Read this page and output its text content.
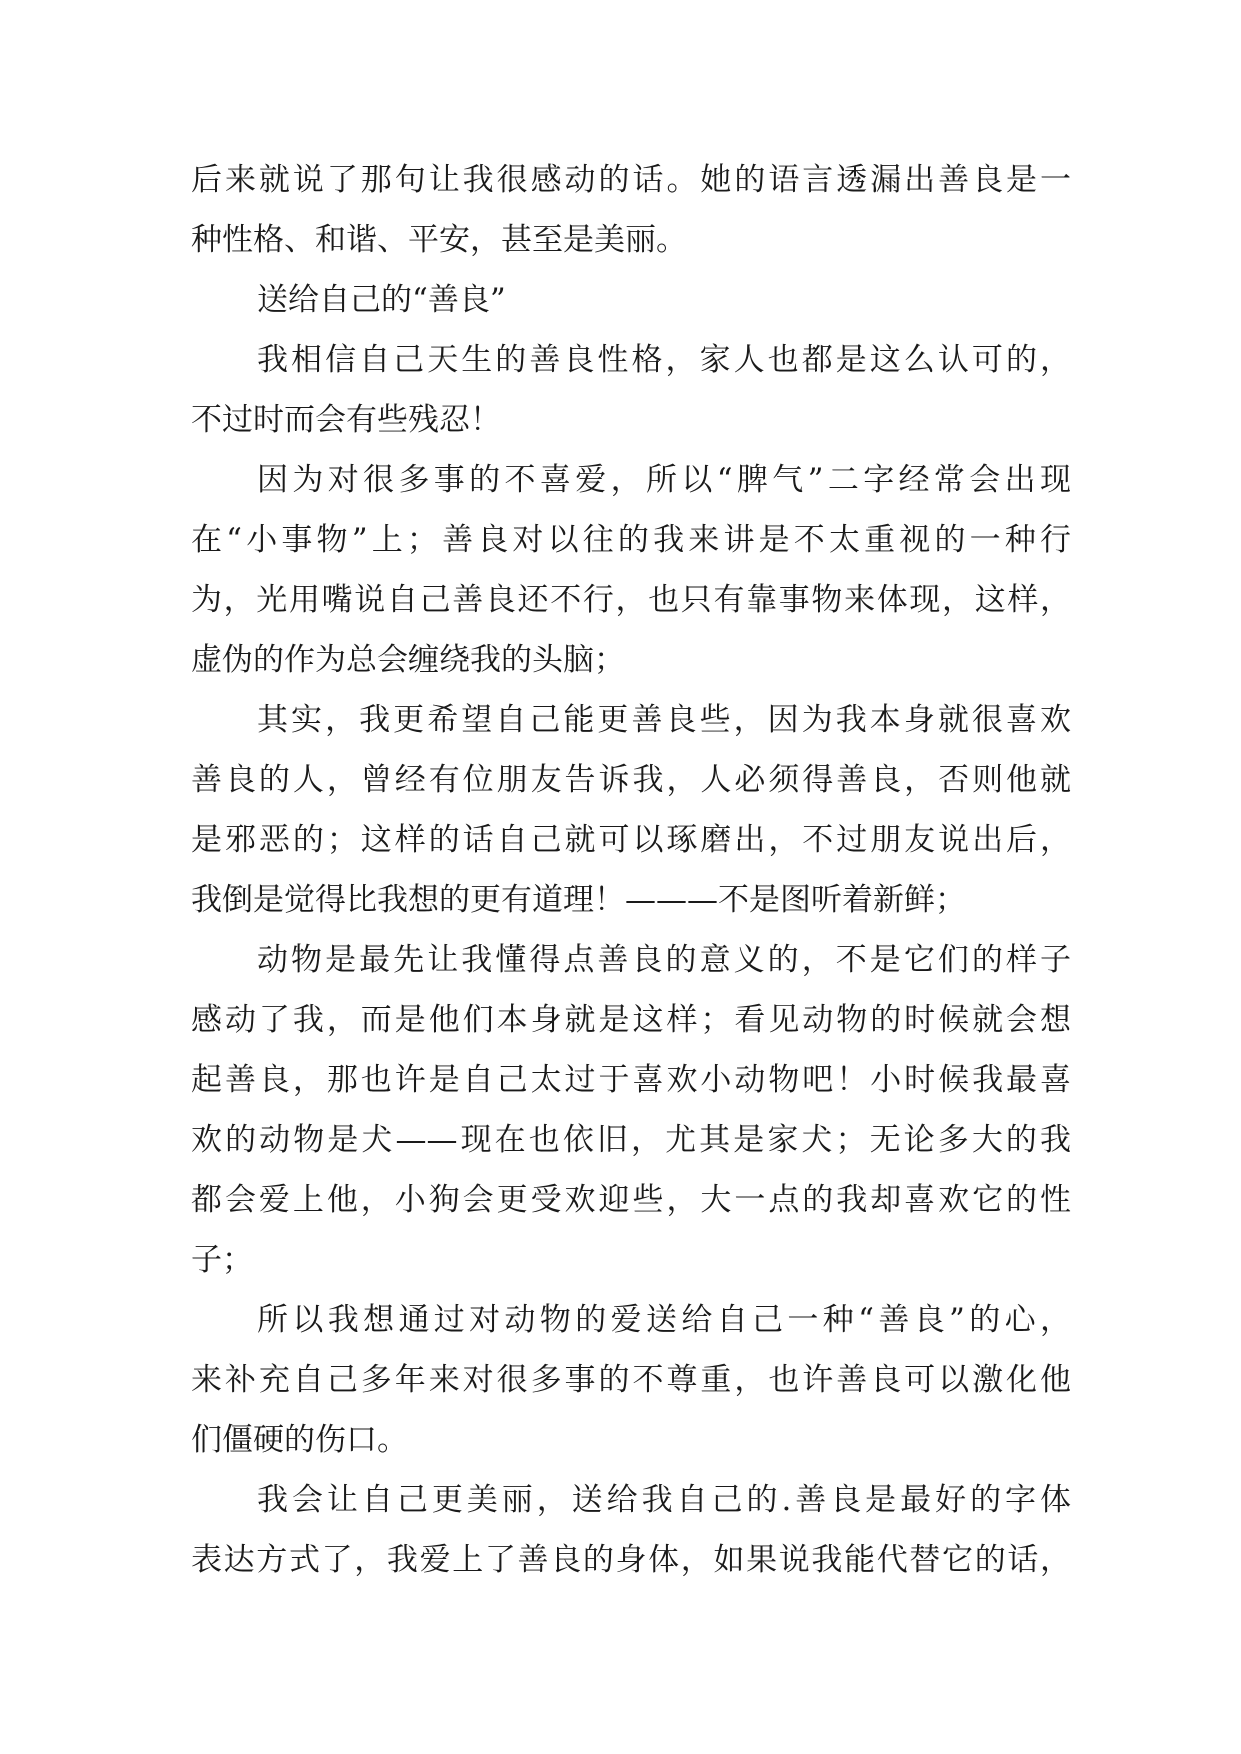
后来就说了那句让我很感动的话。她的语言透漏出善良是一
种性格、和谐、平安，甚至是美丽。
送给自己的“善良”
我相信自己天生的善良性格，家人也都是这么认可的，
不过时而会有些残忍！
因为对很多事的不喜爱，所以“脾气”二字经常会出现
在“小事物”上；善良对以往的我来讲是不太重视的一种行
为，光用嘴说自己善良还不行，也只有靠事物来体现，这样，
虚伪的作为总会缠绕我的头脑；
其实，我更希望自己能更善良些，因为我本身就很喜欢
善良的人，曾经有位朋友告诉我，人必须得善良，否则他就
是邪恶的；这样的话自己就可以琢磨出，不过朋友说出后，
我倒是觉得比我想的更有道理！———不是图听着新鲜；
动物是最先让我懂得点善良的意义的，不是它们的样子
感动了我，而是他们本身就是这样；看见动物的时候就会想
起善良，那也许是自己太过于喜欢小动物吧！小时候我最喜
欢的动物是犬——现在也依旧，尤其是家犬；无论多大的我
都会爱上他，小狗会更受欢迎些，大一点的我却喜欢它的性
子；
所以我想通过对动物的爱送给自己一种“善良”的心，
来补充自己多年来对很多事的不尊重，也许善良可以激化他
们僵硬的伤口。
我会让自己更美丽，送给我自己的.善良是最好的字体
表达方式了，我爱上了善良的身体，如果说我能代替它的话，
